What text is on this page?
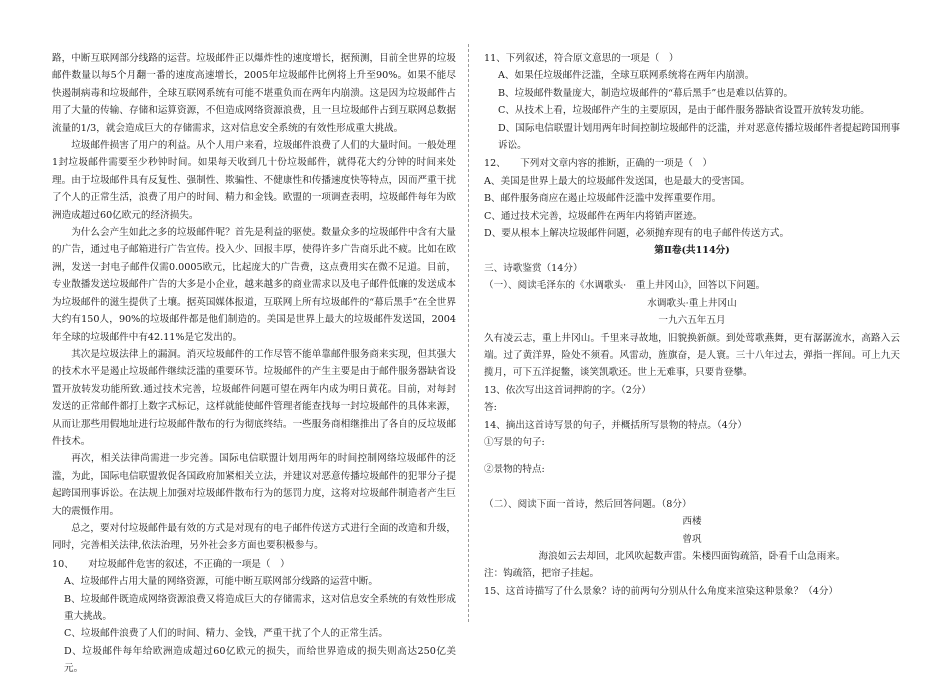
路，中断互联网部分线路的运营。垃圾邮件正以爆炸性的速度增长，据预测，目前全世界的垃圾邮件数量以每5个月翻一番的速度高速增长，2005年垃圾邮件比例将上升至90%。如果不能尽快遏制病毒和垃圾邮件，全球互联网系统有可能不堪重负而在两年内崩溃。这是因为垃圾邮件占用了大量的传输、存储和运算资源，不但造成网络资源浪费，且一旦垃圾邮件占到互联网总数据流量的1/3，就会造成巨大的存储需求，这对信息安全系统的有效性形成重大挑战。

垃圾邮件损害了用户的利益。从个人用户来看，垃圾邮件浪费了人们的大量时间。一般处理1封垃圾邮件需要至少秒钟时间。如果每天收到几十份垃圾邮件，就得花大约分钟的时间来处理。由于垃圾邮件具有反复性、强制性、欺骗性、不健康性和传播速度快等特点，因而严重干扰了个人的正常生活，浪费了用户的时间、精力和金钱。欧盟的一项调查表明，垃圾邮件每年为欧洲造成超过60亿欧元的经济损失。

为什么会产生如此之多的垃圾邮件呢？首先是利益的驱使。数量众多的垃圾邮件中含有大量的广告，通过电子邮箱进行广告宣传。投入少、回报丰厚，使得许多广告商乐此不疲。比如在欧洲，发送一封电子邮件仅需0.0005欧元，比起庞大的广告费，这点费用实在微不足道。目前，专业散播发送垃圾邮件广告的大多是小企业，越来越多的商业需求以及电子邮件低廉的发送成本为垃圾邮件的滋生提供了土壤。据英国媒体报道，互联网上所有垃圾邮件的“幕后黑手”在全世界大约有150人，90%的垃圾邮件都是他们制造的。美国是世界上最大的垃圾邮件发送国，2004年全球的垃圾邮件中有42.11%是它发出的。

其次是垃圾法律上的漏洞。消灭垃圾邮件的工作尽管不能单靠邮件服务商来实现，但其强大的技术水平是遏止垃圾邮件继续泛滥的重要环节。垃圾邮件的产生主要是由于邮件服务器缺省设置开放转发功能所致.通过技术完善，垃圾邮件问题可望在两年内成为明日黄花。目前，对每封发送的正常邮件都打上数字式标记，这样就能使邮件管理者能查找每一封垃圾邮件的具体来源，从而让那些用假地址进行垃圾邮件散布的行为彻底终结。一些服务商相继推出了各自的反垃圾邮件技术。

再次，相关法律尚需进一步完善。国际电信联盟计划用两年的时间控制网络垃圾邮件的泛滥，为此，国际电信联盟敦促各国政府加紧相关立法，并建议对恶意传播垃圾邮件的犯罪分子提起跨国刑事诉讼。在法规上加强对垃圾邮件散布行为的惩罚力度，这将对垃圾邮件制造者产生巨大的震慑作用。

总之，要对付垃圾邮件最有效的方式是对现有的电子邮件传送方式进行全面的改造和升级，同时，完善相关法律,依法治理，另外社会多方面也要积极参与。

10、　　对垃圾邮件危害的叙述，不正确的一项是（　）

A、垃圾邮件占用大量的网络资源，可能中断互联网部分线路的运营中断。

B、垃圾邮件既造成网络资源浪费又将造成巨大的存储需求，这对信息安全系统的有效性形成重大挑战。

C、垃圾邮件浪费了人们的时间、精力、金钱，严重干扰了个人的正常生活。

D、垃圾邮件每年给欧洲造成超过60亿欧元的损失，而给世界造成的损失则高达250亿美元。

11、下列叙述，符合原文意思的一项是（　）

A、如果任垃圾邮件泛滥，全球互联网系统将在两年内崩溃。

B、垃圾邮件数量庞大，制造垃圾邮件的“幕后黑手”也是难以估算的。

C、从技术上看，垃圾邮件产生的主要原因，是由于邮件服务器缺省设置开放转发功能。

D、国际电信联盟计划用两年时间控制垃圾邮件的泛滥，并对恶意传播垃圾邮件者提起跨国刑事诉讼。

12、　　下列对文章内容的推断，正确的一项是（　）

A、美国是世界上最大的垃圾邮件发送国，也是最大的受害国。

B、邮件服务商应在遏止垃圾邮件泛滥中发挥重要作用。

C、通过技术完善，垃圾邮件在两年内将销声匿迹。

D、要从根本上解决垃圾邮件问题，必须抛弃现有的电子邮件传送方式。

第Ⅱ卷(共114分)

三、诗歌鉴赏（14分）

（一）、阅读毛泽东的《水调歌头·　重上井冈山》，回答以下问题。

水调歌头·重上井冈山

一九六五年五月

久有凌云志，重上井冈山。千里来寻故地，旧貌换新颜。到处莺歌燕舞，更有潺潺流水，高路入云端。过了黄洋界，险处不须看。风雷动，旌旗奋，是人寰。三十八年过去，弹指一挥间。可上九天揽月，可下五洋捉鳖，谈笑凯歌还。世上无难事，只要肯登攀。

13、依次写出这首词押韵的字。（2分）

答:

14、摘出这首诗写景的句子，并概括所写景物的特点。（4分）

①写景的句子:

②景物的特点:

（二）、阅读下面一首诗，然后回答问题。（8分）

西楼

曾巩

海浪如云去却回，北风吹起数声雷。朱楼四面钩疏箔，卧看千山急雨来。

注：钩疏箔，把帘子挂起。

15、这首诗描写了什么景象？诗的前两句分别从什么角度来渲染这种景象？（4分）
